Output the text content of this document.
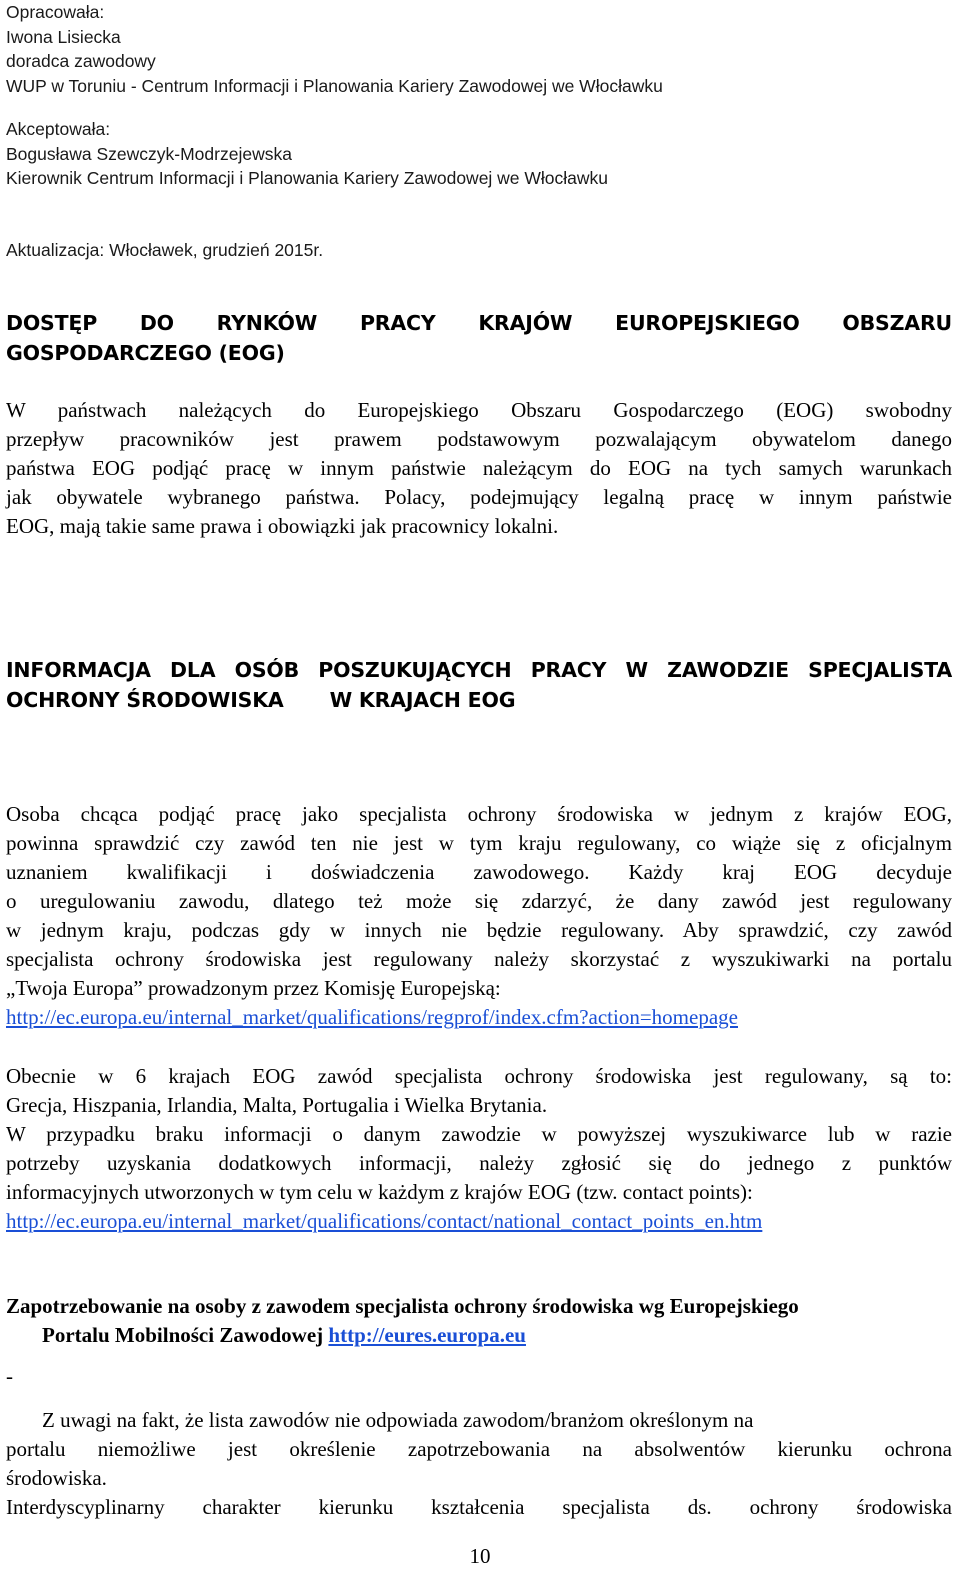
Opracowała:
Iwona Lisiecka
doradca zawodowy
WUP w Toruniu - Centrum Informacji i Planowania Kariery Zawodowej we Włocławku
Akceptowała:
Bogusława Szewczyk-Modrzejewska
Kierownik Centrum Informacji i Planowania Kariery Zawodowej we Włocławku
Aktualizacja: Włocławek, grudzień 2015r.
DOSTĘP DO RYNKÓW PRACY KRAJÓW EUROPEJSKIEGO OBSZARU
GOSPODARCZEGO (EOG)
W państwach należących do Europejskiego Obszaru Gospodarczego (EOG) swobodny
przepływ pracowników jest prawem podstawowym pozwalającym obywatelom danego
państwa EOG podjąć pracę w innym państwie należącym do EOG na tych samych warunkach
jak obywatele wybranego państwa. Polacy, podejmujący legalną pracę w innym państwie
EOG, mają takie same prawa i obowiązki jak pracownicy lokalni.
INFORMACJA DLA OSÓB POSZUKUJĄCYCH PRACY W ZAWODZIE SPECJALISTA
OCHRONY ŚRODOWISKA W KRAJACH EOG
Osoba chcąca podjąć pracę jako specjalista ochrony środowiska w jednym z krajów EOG,
powinna sprawdzić czy zawód ten nie jest w tym kraju regulowany, co wiąże się z oficjalnym
uznaniem kwalifikacji i doświadczenia zawodowego. Każdy kraj EOG decyduje
o uregulowaniu zawodu, dlatego też może się zdarzyć, że dany zawód jest regulowany
w jednym kraju, podczas gdy w innych nie będzie regulowany. Aby sprawdzić, czy zawód
specjalista ochrony środowiska jest regulowany należy skorzystać z wyszukiwarki na portalu
„Twoja Europa” prowadzonym przez Komisję Europejską:
http://ec.europa.eu/internal_market/qualifications/regprof/index.cfm?action=homepage
Obecnie w 6 krajach EOG zawód specjalista ochrony środowiska jest regulowany, są to:
Grecja, Hiszpania, Irlandia, Malta, Portugalia i Wielka Brytania.
W przypadku braku informacji o danym zawodzie w powyższej wyszukiwarce lub w razie
potrzeby uzyskania dodatkowych informacji, należy zgłosić się do jednego z punktów
informacyjnych utworzonych w tym celu w każdym z krajów EOG (tzw. contact points):
http://ec.europa.eu/internal_market/qualifications/contact/national_contact_points_en.htm
Zapotrzebowanie na osoby z zawodem specjalista ochrony środowiska wg Europejskiego
Portalu Mobilności Zawodowej http://eures.europa.eu
-
Z uwagi na fakt, że lista zawodów nie odpowiada zawodom/branżom określonym na
portalu niemożliwe jest określenie zapotrzebowania na absolwentów kierunku ochrona
środowiska.
Interdyscyplinarny charakter kierunku kształcenia specjalista ds. ochrony środowiska
10
